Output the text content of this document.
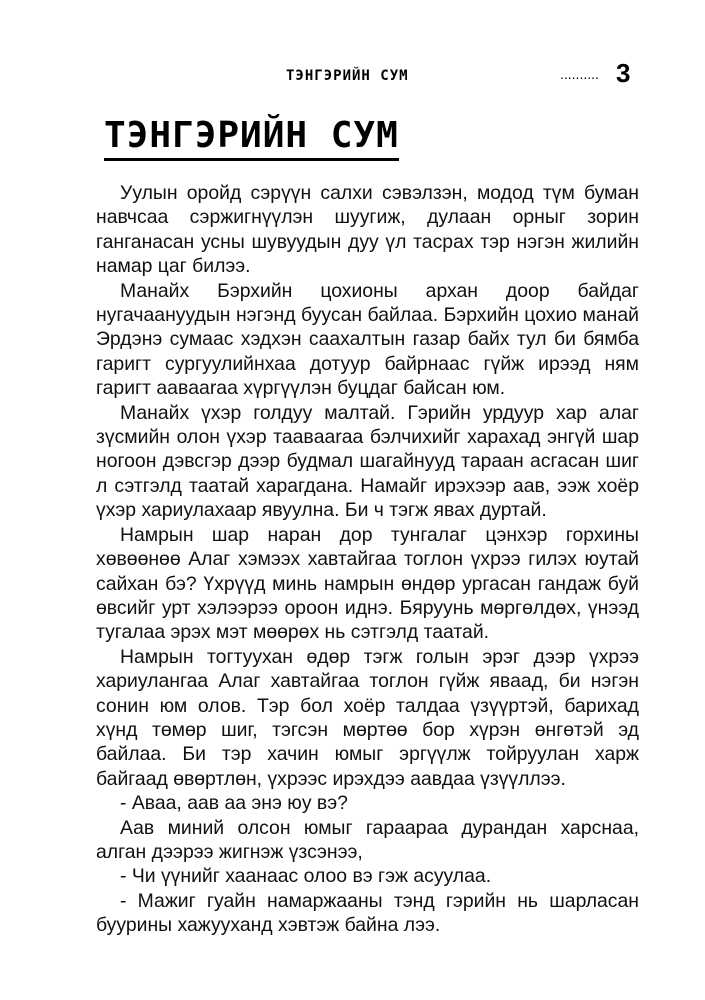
ТЭНГЭРИЙН СУМ	.......... 3
ТЭНГЭРИЙН СУМ

Уулын оройд сэрүүн салхи сэвэлзэн, модод түм буман навчсаа сэржигнүүлэн шуугиж, дулаан орныг зорин ганганасан усны шувуудын дуу үл тасрах тэр нэгэн жилийн намар цаг билээ.

Манайх Бэрхийн цохионы архан доор байдаг нугачаануудын нэгэнд буусан байлаа. Бэрхийн цохио манай Эрдэнэ сумаас хэдхэн саахалтын газар байх тул би бямба гаригт сургуулийнхаа дотуур байрнаас гүйж ирээд ням гаригт аавaaraa хүргүүлэн буцдаг байсан юм.

Манайх үхэр голдуу малтай. Гэрийн урдуур хар алаг зүсмийн олон үхэр таавaaraa бэлчихийг харахад энгүй шар ногоон дэвсгэр дээр будмал шагайнууд тараан асгасан шиг л сэтгэлд таатай харагдана. Намайг ирэхээр аав, ээж хоёр үхэр хариулахаар явуулна. Би ч тэгж явах дуртай.

Намрын шар наран дор тунгалаг цэнхэр горхины хөвөөнөө Алаг хэмээх хавтайгаа тоглон үхрээ гилэх юутай сайхан бэ? Үхрүүд минь намрын өндөр ургасан гандаж буй өвсийг урт хэлээрээ ороон иднэ. Бяруунь мөргөлдөх, үнээд тугалаа эрэх мэт мөөрөх нь сэтгэлд таатай.

Намрын тогтуухан өдөр тэгж голын эрэг дээр үхрээ хариулангаа Алаг хавтайгаа тоглон гүйж яваад, би нэгэн сонин юм олов. Тэр бол хоёр талдаа үзүүртэй, барихад хүнд төмөр шиг, тэгсэн мөртөө бор хүрэн өнгөтэй эд байлаа. Би тэр хачин юмыг эргүүлж тойруулан харж байгаад өвөртлөн, үхрээс ирэхдээ аавдаа үзүүллээ.

- Аваа, аав аа энэ юу вэ?

Аав миний олсон юмыг гараараа дурандан харснаа, алган дээрээ жигнэж үзсэнээ,

- Чи үүнийг хаанаас олоо вэ гэж асуулаа.

- Мажиг гуайн намаржааны тэнд гэрийн нь шарласан буурины хажууханд хэвтэж байна лээ.
